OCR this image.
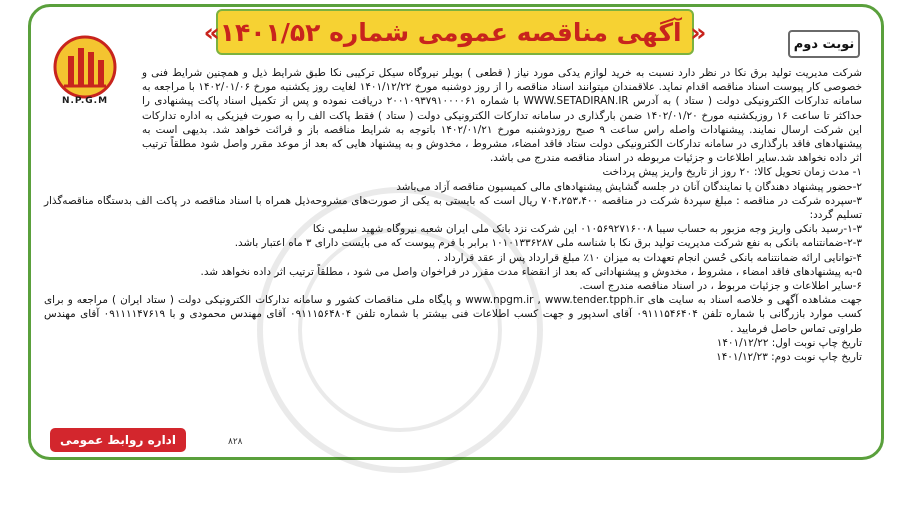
« آگهی مناقصه عمومی شماره ۱۴۰۱/۵۲»	نوبت دوم
N.P.G.M

شرکت مدیریت تولید برق نکا در نظر دارد نسبت به خرید لوازم یدکی مورد نیاز ( قطعی ) بویلر نیروگاه سیکل ترکیبی نکا طبق شرایط ذیل و همچنین شرایط فنی و خصوصی کار پیوست اسناد مناقصه اقدام نماید. علاقمندان میتوانند اسناد مناقصه را از روز دوشنبه مورخ ۱۴۰۱/۱۲/۲۲ لغایت روز یکشنبه مورخ ۱۴۰۲/۰۱/۰۶ با مراجعه به سامانه تدارکات الکترونیکی دولت ( ستاد ) به آدرس WWW.SETADIRAN.IR با شماره ۲۰۰۱۰۹۳۷۹۱۰۰۰۰۶۱ دریافت نموده و پس از تکمیل اسناد پاکت پیشنهادی را حداکثر تا ساعت ۱۶ روزیکشنبه مورخ ۱۴۰۲/۰۱/۲۰ ضمن بارگذاری در سامانه تدارکات الکترونیکی دولت ( ستاد ) فقط پاکت الف را به صورت فیزیکی به اداره تدارکات این شرکت ارسال نمایند. پیشنهادات واصله راس ساعت ۹ صبح روزدوشنبه مورخ ۱۴۰۲/۰۱/۲۱ باتوجه به شرایط مناقصه باز و قرائت خواهد شد. بدیهی است به پیشنهادهای فاقد بارگذاری در سامانه تدارکات الکترونیکی دولت ستاد فاقد امضاء، مشروط ، مخدوش و به پیشنهاد هایی که بعد از موعد مقرر واصل شود مطلقاً ترتیب اثر داده نخواهد شد.سایر اطلاعات و جزئیات مربوطه در اسناد مناقصه مندرج می باشد.

۱- مدت زمان تحویل کالا: ۲۰ روز از تاریخ واریز پیش پرداخت

۲-حضور پیشنهاد دهندگان یا نمایندگان آنان در جلسه گشایش پیشنهادهای مالی کمیسیون مناقصه آزاد می‌باشد

۳-سپرده شرکت در مناقصه : مبلغ سپردهٔ شرکت در مناقصه ۷۰۴،۲۵۳،۴۰۰ ریال است که بایستی به یکی از صورت‌های مشروحه‌ذیل همراه با اسناد مناقصه در پاکت الف بدستگاه مناقصه‌گذار تسلیم گردد:

۱-۳-رسید بانکی واریز وجه مزبور به حساب سیبا ۰۱۰۵۶۹۲۷۱۶۰۰۸ این شرکت نزد بانک ملی ایران شعبه نیروگاه شهید سلیمی نکا

۲-۳-ضمانتنامه بانکی به نفع شرکت مدیریت تولید برق نکا با شناسه ملی ۱۰۱۰۱۳۳۶۲۸۷ برابر با فرم پیوست که می بایست دارای ۳ ماه اعتبار باشد.

۴-توانایی ارائه ضمانتنامه بانکی حُسن انجام تعهدات به میزان ۱۰٪ مبلغ قرارداد پس از عقد قرارداد .

۵-به پیشنهادهای فاقد امضاء ، مشروط ، مخدوش و پیشنهاداتی که بعد از انقضاء مدت مقرر در فراخوان واصل می شود ، مطلقاً ترتیب اثر داده نخواهد شد.

۶-سایر اطلاعات و جزئیات مربوط ، در اسناد مناقصه مندرج است.

جهت مشاهده آگهی و خلاصه اسناد به سایت های www.npgm.ir , www.tender.tpph.ir و پایگاه ملی مناقصات کشور و سامانه تدارکات الکترونیکی دولت ( ستاد ایران ) مراجعه و برای کسب موارد بازرگانی با شماره تلفن ۰۹۱۱۱۵۴۶۴۰۴ آقای اسدپور و جهت کسب اطلاعات فنی بیشتر با شماره تلفن ۰۹۱۱۱۵۶۴۸۰۴ آقای مهندس محمودی و با ۰۹۱۱۱۱۴۷۶۱۹ آقای مهندس طراوتی تماس حاصل فرمایید .

تاریخ چاپ نوبت اول: ۱۴۰۱/۱۲/۲۲

تاریخ چاپ نوبت دوم: ۱۴۰۱/۱۲/۲۳

اداره روابط عمومی	۸۲۸
